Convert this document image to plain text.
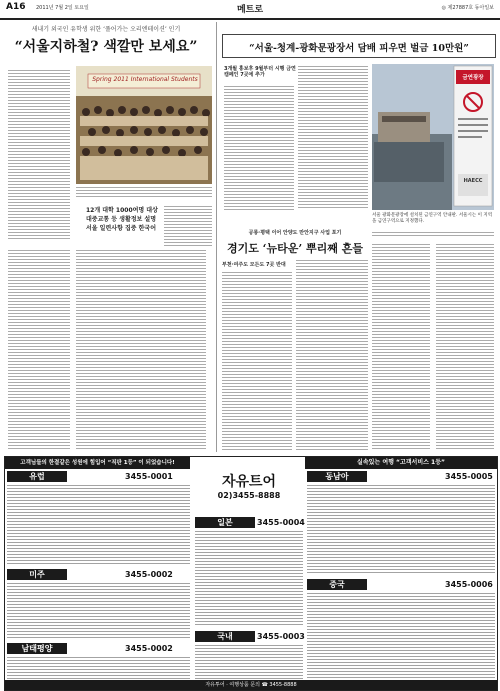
A16 2011년 7월 2일 토요일	메트로	◎ 제27887호 동아일보
새내기 외국인 유학생 위한 ‘풀어가는 오리엔테이션’ 인기
“서울지하철? 색깔만 보세요”
Spring 2011 International Students
12개 대학 1000여명 대상 대중교통 등 생활정보 설명 서울 일련사항 집중 한국어
“서울-청계-광화문광장서 담배 피우면 벌금 10만원”
3개월 홍보후 9월부터 시행 금연 캠페인 7곳에 추가	금연광장
HAECC
서울 광화문광장에 설치된 금연구역 안내판. 서울시는 이 지역을 금연구역으로 지정했다.
공릉·평택 이어 안양도 만안지구 사업 포기
경기도 ‘뉴타운’ 뿌리째 흔들
부천·여주도 모든도 7곳 반대
고객님들의 한결같은 성원에 힘입어 “직판 1등” 이 되었습니다!	실속있는 여행 “고객서비스 1등”
자유트어
02)3455-8888
유럽	3455-0001
일본	3455-0004
동남아	3455-0005
미주	3455-0002
남태평양	3455-0002
중국	3455-0006
국내	3455-0003
자유투어 · 여행상품 문의 ☎ 3455-8888
